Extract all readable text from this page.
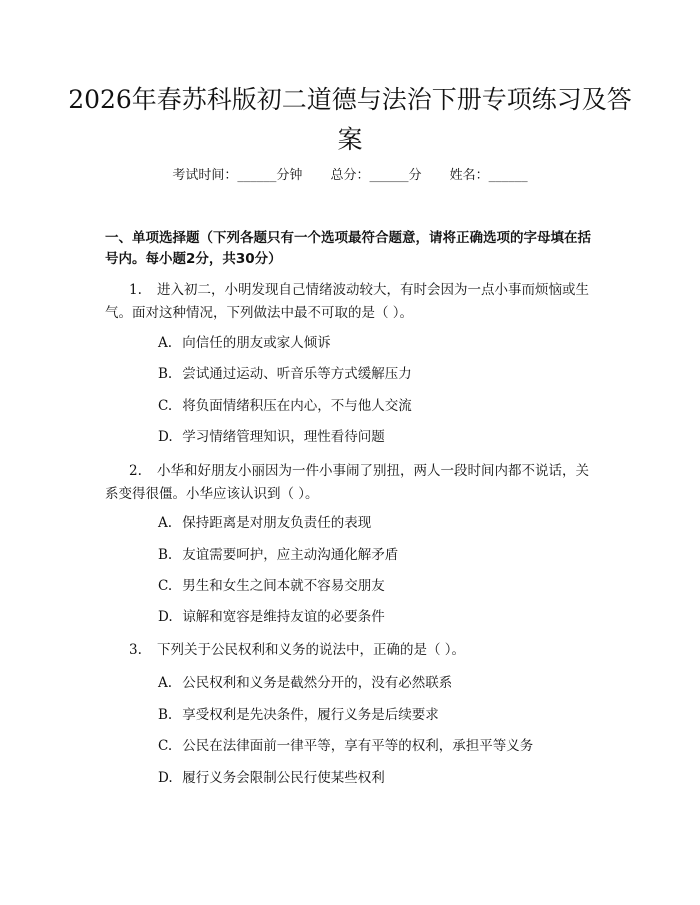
2026年春苏科版初二道德与法治下册专项练习及答案
考试时间：______分钟 总分：______分 姓名：______

一、单项选择题（下列各题只有一个选项最符合题意，请将正确选项的字母填在括号内。每小题2分，共30分）

1. 进入初二，小明发现自己情绪波动较大，有时会因为一点小事而烦恼或生气。面对这种情况，下列做法中最不可取的是（ ）。

A. 向信任的朋友或家人倾诉

B. 尝试通过运动、听音乐等方式缓解压力

C. 将负面情绪积压在内心，不与他人交流

D. 学习情绪管理知识，理性看待问题

2. 小华和好朋友小丽因为一件小事闹了别扭，两人一段时间内都不说话，关系变得很僵。小华应该认识到（ ）。

A. 保持距离是对朋友负责任的表现

B. 友谊需要呵护，应主动沟通化解矛盾

C. 男生和女生之间本就不容易交朋友

D. 谅解和宽容是维持友谊的必要条件

3. 下列关于公民权利和义务的说法中，正确的是（ ）。

A. 公民权利和义务是截然分开的，没有必然联系

B. 享受权利是先决条件，履行义务是后续要求

C. 公民在法律面前一律平等，享有平等的权利，承担平等义务

D. 履行义务会限制公民行使某些权利
